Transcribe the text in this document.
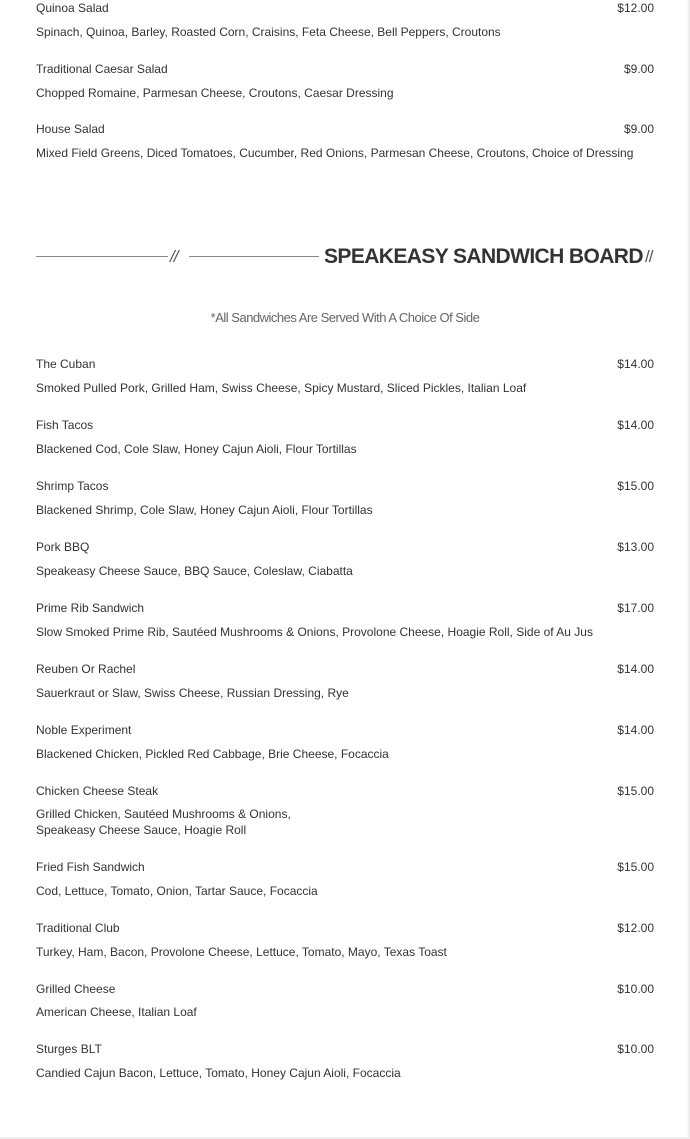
Quinoa Salad	$12.00
Spinach, Quinoa, Barley, Roasted Corn, Craisins, Feta Cheese, Bell Peppers, Croutons
Traditional Caesar Salad	$9.00
Chopped Romaine, Parmesan Cheese, Croutons, Caesar Dressing
House Salad	$9.00
Mixed Field Greens, Diced Tomatoes, Cucumber, Red Onions, Parmesan Cheese, Croutons, Choice of Dressing
//	SPEAKEASY SANDWICH BOARD //
*All Sandwiches Are Served With A Choice Of Side
The Cuban	$14.00
Smoked Pulled Pork, Grilled Ham, Swiss Cheese, Spicy Mustard, Sliced Pickles, Italian Loaf
Fish Tacos	$14.00
Blackened Cod, Cole Slaw, Honey Cajun Aioli, Flour Tortillas
Shrimp Tacos	$15.00
Blackened Shrimp, Cole Slaw, Honey Cajun Aioli, Flour Tortillas
Pork BBQ	$13.00
Speakeasy Cheese Sauce, BBQ Sauce, Coleslaw, Ciabatta
Prime Rib Sandwich	$17.00
Slow Smoked Prime Rib, Sautéed Mushrooms & Onions, Provolone Cheese, Hoagie Roll, Side of Au Jus
Reuben Or Rachel	$14.00
Sauerkraut or Slaw, Swiss Cheese, Russian Dressing, Rye
Noble Experiment	$14.00
Blackened Chicken, Pickled Red Cabbage, Brie Cheese, Focaccia
Chicken Cheese Steak	$15.00
Grilled Chicken, Sautéed Mushrooms & Onions,
Speakeasy Cheese Sauce, Hoagie Roll
Fried Fish Sandwich	$15.00
Cod, Lettuce, Tomato, Onion, Tartar Sauce, Focaccia
Traditional Club	$12.00
Turkey, Ham, Bacon, Provolone Cheese, Lettuce, Tomato, Mayo, Texas Toast
Grilled Cheese	$10.00
American Cheese, Italian Loaf
Sturges BLT	$10.00
Candied Cajun Bacon, Lettuce, Tomato, Honey Cajun Aioli, Focaccia
